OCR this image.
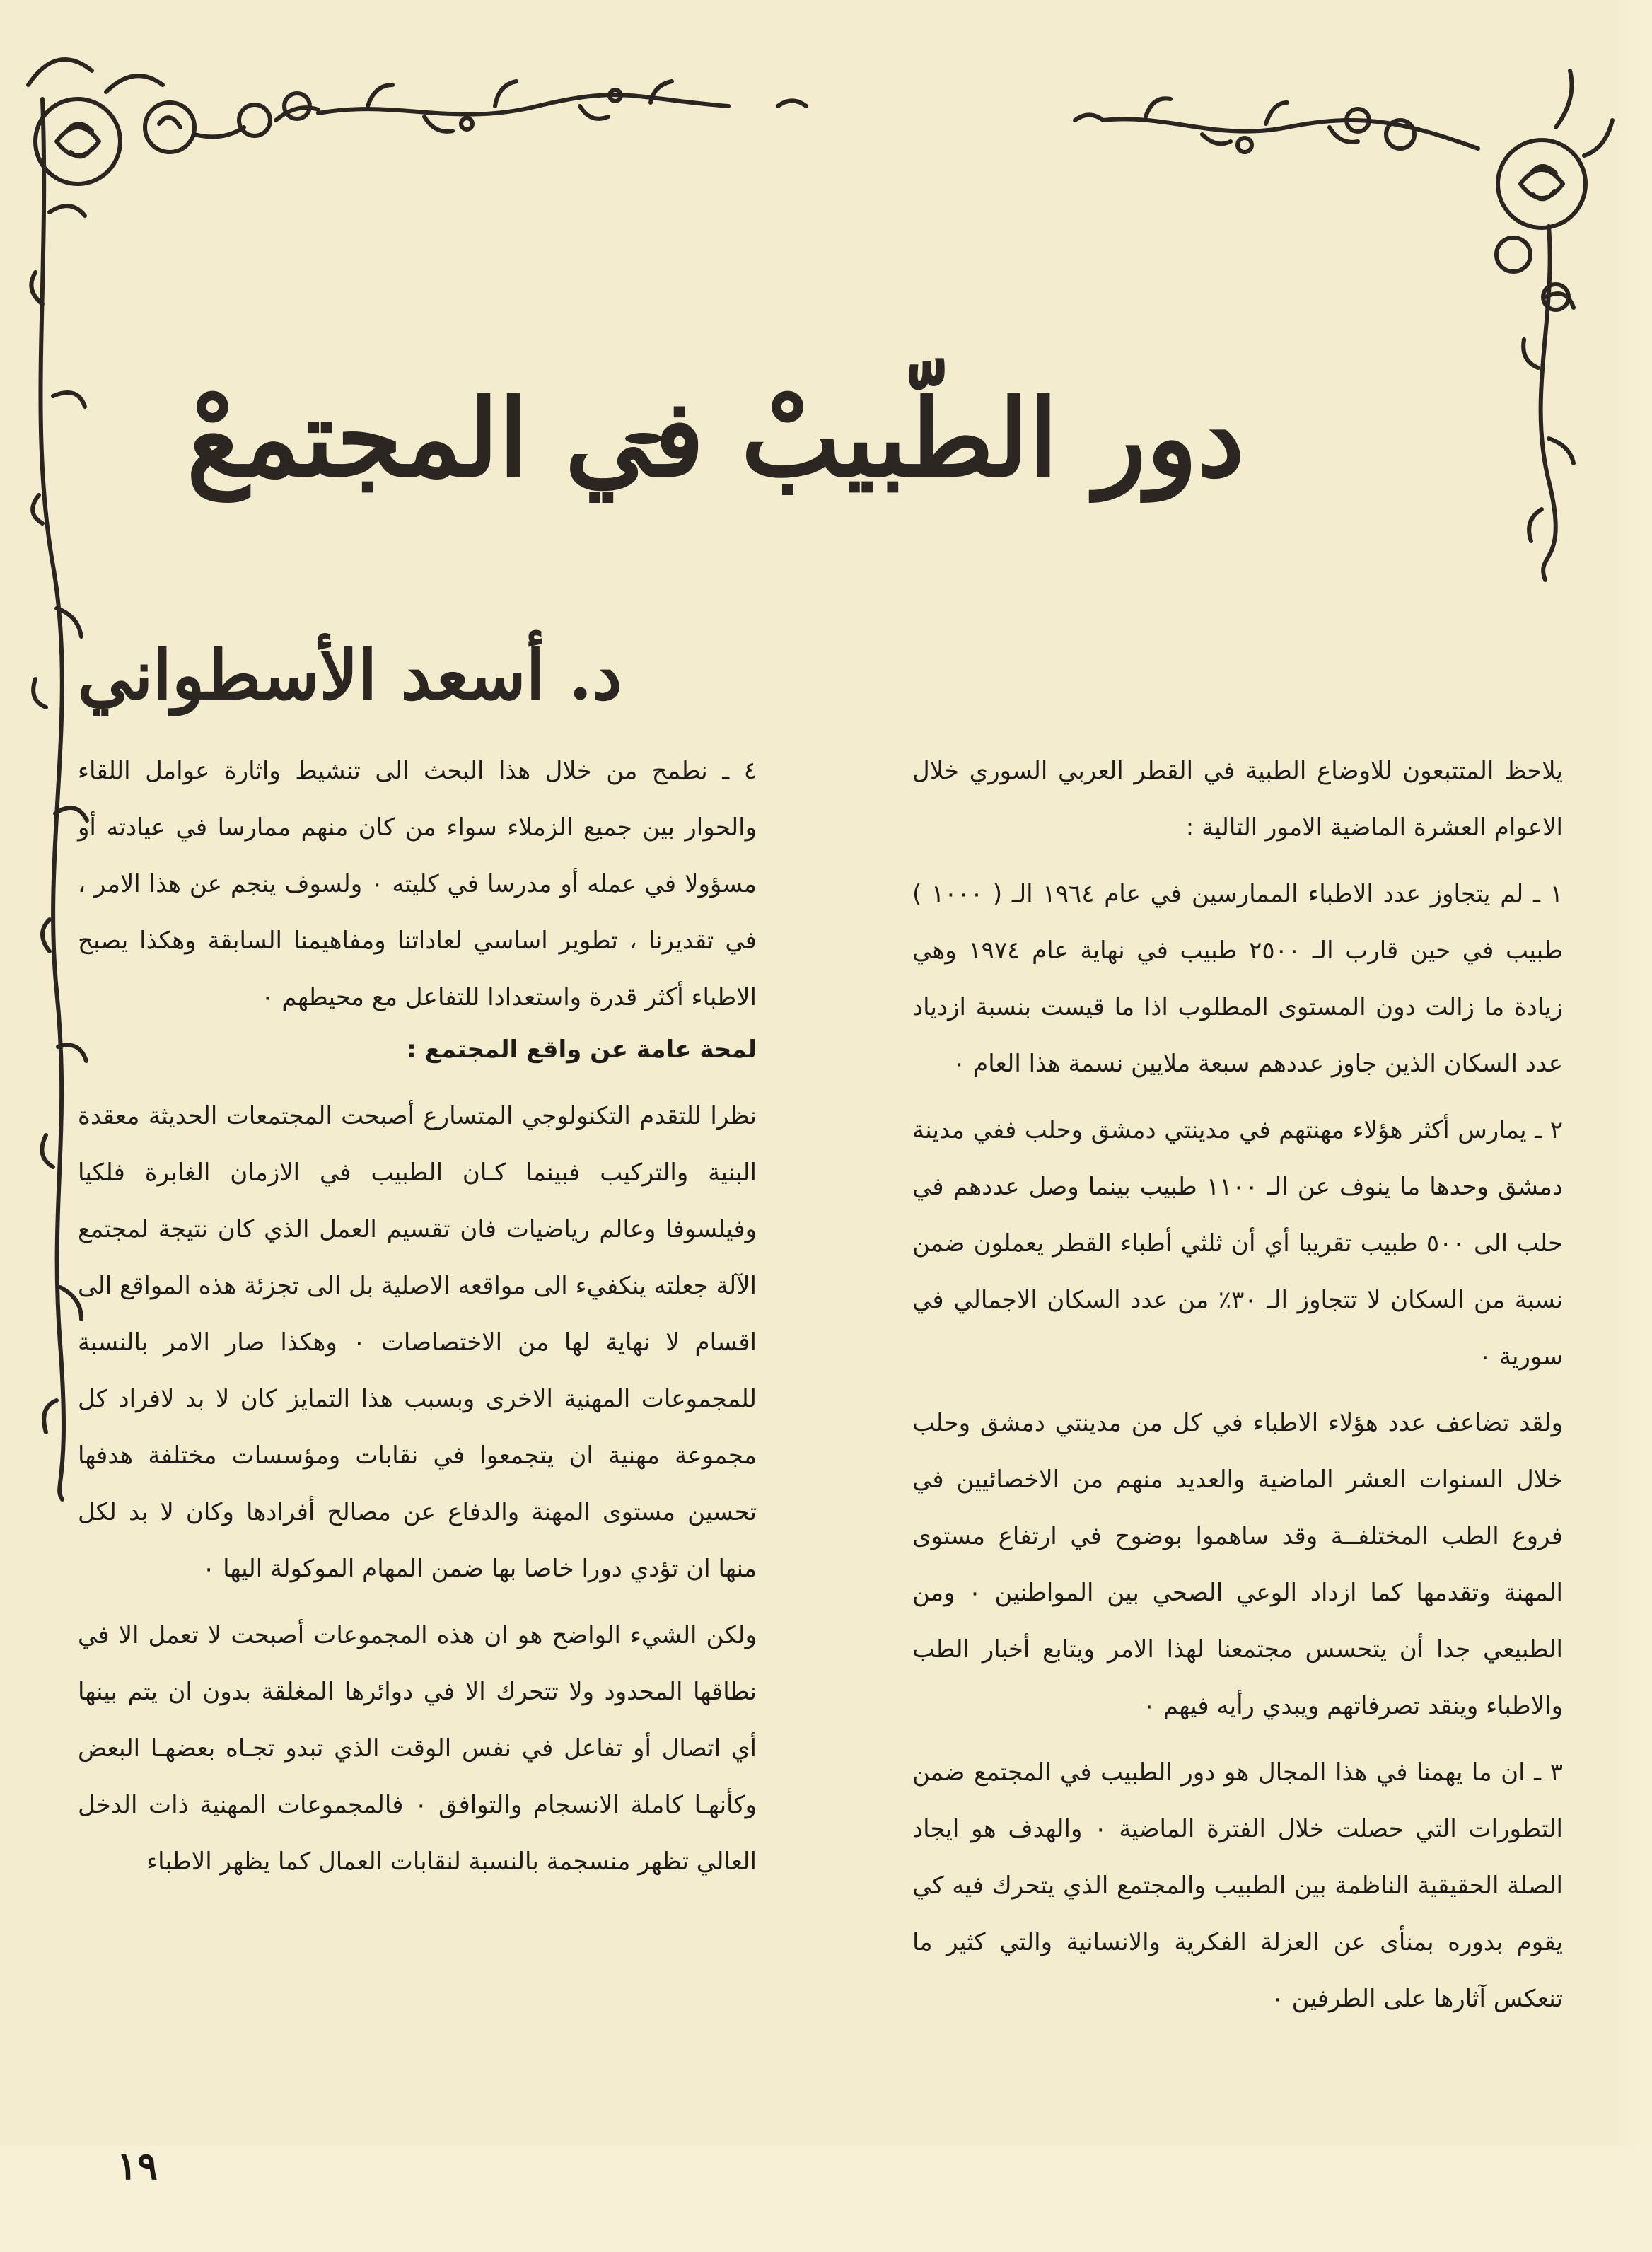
دور الطّبيبْ في المجتمعْ
د. أسعد الأسطواني

يلاحظ المتتبعون للاوضاع الطبية في القطر العربي السوري خلال الاعوام العشرة الماضية الامور التالية :

١ ـ لم يتجاوز عدد الاطباء الممارسين في عام ١٩٦٤ الـ ( ١٠٠٠ ) طبيب في حين قارب الـ ٢٥٠٠ طبيب في نهاية عام ١٩٧٤ وهي زيادة ما زالت دون المستوى المطلوب اذا ما قيست بنسبة ازدياد عدد السكان الذين جاوز عددهم سبعة ملايين نسمة هذا العام ٠

٢ ـ يمارس أكثر هؤلاء مهنتهم في مدينتي دمشق وحلب ففي مدينة دمشق وحدها ما ينوف عن الـ ١١٠٠ طبيب بينما وصل عددهم في حلب الى ٥٠٠ طبيب تقريبا أي أن ثلثي أطباء القطر يعملون ضمن نسبة من السكان لا تتجاوز الـ ٣٠٪ من عدد السكان الاجمالي في سورية ٠

ولقد تضاعف عدد هؤلاء الاطباء في كل من مدينتي دمشق وحلب خلال السنوات العشر الماضية والعديد منهم من الاخصائيين في فروع الطب المختلفــة وقد ساهموا بوضوح في ارتفاع مستوى المهنة وتقدمها كما ازداد الوعي الصحي بين المواطنين ٠ ومن الطبيعي جدا أن يتحسس مجتمعنا لهذا الامر ويتابع أخبار الطب والاطباء وينقد تصرفاتهم ويبدي رأيه فيهم ٠

٣ ـ ان ما يهمنا في هذا المجال هو دور الطبيب في المجتمع ضمن التطورات التي حصلت خلال الفترة الماضية ٠ والهدف هو ايجاد الصلة الحقيقية الناظمة بين الطبيب والمجتمع الذي يتحرك فيه كي يقوم بدوره بمنأى عن العزلة الفكرية والانسانية والتي كثير ما تنعكس آثارها على الطرفين ٠

٤ ـ نطمح من خلال هذا البحث الى تنشيط واثارة عوامل اللقاء والحوار بين جميع الزملاء سواء من كان منهم ممارسا في عيادته أو مسؤولا في عمله أو مدرسا في كليته ٠ ولسوف ينجم عن هذا الامر ، في تقديرنا ، تطوير اساسي لعاداتنا ومفاهيمنا السابقة وهكذا يصبح الاطباء أكثر قدرة واستعدادا للتفاعل مع محيطهم ٠

لمحة عامة عن واقع المجتمع :

نظرا للتقدم التكنولوجي المتسارع أصبحت المجتمعات الحديثة معقدة البنية والتركيب فبينما كـان الطبيب في الازمان الغابرة فلكيا وفيلسوفا وعالم رياضيات فان تقسيم العمل الذي كان نتيجة لمجتمع الآلة جعلته ينكفيء الى مواقعه الاصلية بل الى تجزئة هذه المواقع الى اقسام لا نهاية لها من الاختصاصات ٠ وهكذا صار الامر بالنسبة للمجموعات المهنية الاخرى وبسبب هذا التمايز كان لا بد لافراد كل مجموعة مهنية ان يتجمعوا في نقابات ومؤسسات مختلفة هدفها تحسين مستوى المهنة والدفاع عن مصالح أفرادها وكان لا بد لكل منها ان تؤدي دورا خاصا بها ضمن المهام الموكولة اليها ٠

ولكن الشيء الواضح هو ان هذه المجموعات أصبحت لا تعمل الا في نطاقها المحدود ولا تتحرك الا في دوائرها المغلقة بدون ان يتم بينها أي اتصال أو تفاعل في نفس الوقت الذي تبدو تجـاه بعضهـا البعض وكأنهـا كاملة الانسجام والتوافق ٠ فالمجموعات المهنية ذات الدخل العالي تظهر منسجمة بالنسبة لنقابات العمال كما يظهر الاطباء

١٩
